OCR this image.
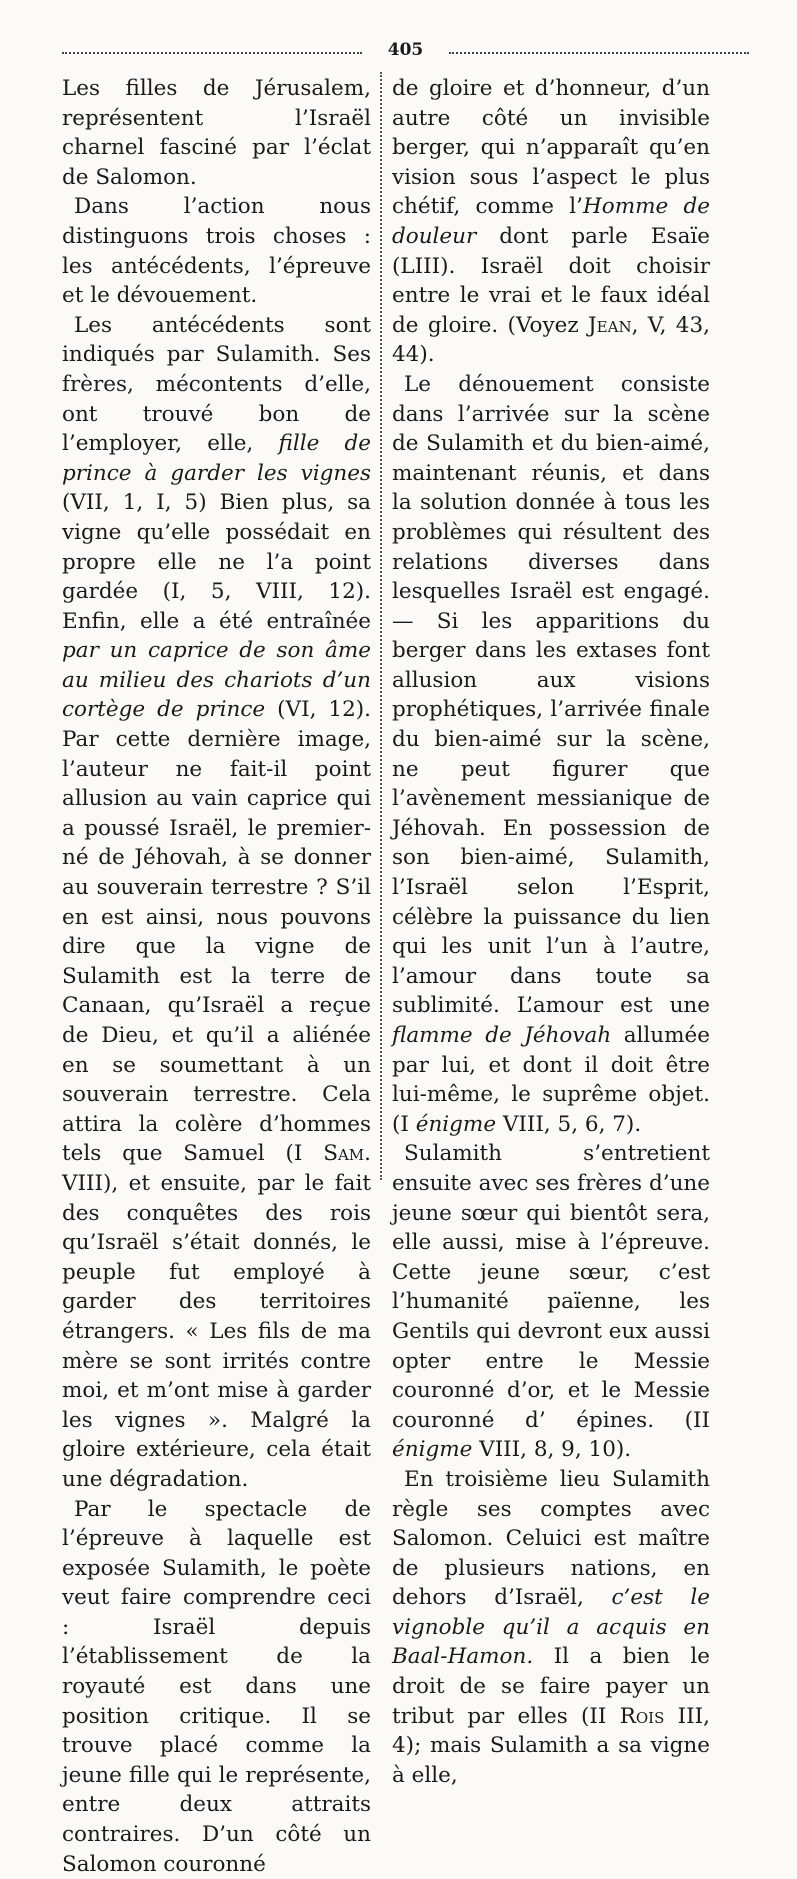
405

Les filles de Jérusalem, représentent l’Israël charnel fasciné par l’éclat de Salomon.

Dans l’action nous distinguons trois choses : les antécédents, l’épreuve et le dévouement.

Les antécédents sont indiqués par Sulamith. Ses frères, mécontents d’elle, ont trouvé bon de l’employer, elle, fille de prince à garder les vignes (VII, 1, I, 5) Bien plus, sa vigne qu’elle possédait en propre elle ne l’a point gardée (I, 5, VIII, 12). Enfin, elle a été entraînée par un caprice de son âme au milieu des chariots d’un cortège de prince (VI, 12). Par cette dernière image, l’auteur ne fait-il point allusion au vain caprice qui a poussé Israël, le premier-né de Jéhovah, à se donner au souverain terrestre ? S’il en est ainsi, nous pouvons dire que la vigne de Sulamith est la terre de Canaan, qu’Israël a reçue de Dieu, et qu’il a aliénée en se soumettant à un souverain terrestre. Cela attira la colère d’hommes tels que Samuel (I Sam. VIII), et ensuite, par le fait des conquêtes des rois qu’Israël s’était donnés, le peuple fut employé à garder des territoires étrangers. « Les fils de ma mère se sont irrités contre moi, et m’ont mise à garder les vignes ». Malgré la gloire extérieure, cela était une dégradation.

Par le spectacle de l’épreuve à laquelle est exposée Sulamith, le poète veut faire comprendre ceci : Israël depuis l’établissement de la royauté est dans une position critique. Il se trouve placé comme la jeune fille qui le représente, entre deux attraits contraires. D’un côté un Salomon couronné

de gloire et d’honneur, d’un autre côté un invisible berger, qui n’apparaît qu’en vision sous l’aspect le plus chétif, comme l’Homme de douleur dont parle Esaïe (LIII). Israël doit choisir entre le vrai et le faux idéal de gloire. (Voyez Jean, V, 43, 44).

Le dénouement consiste dans l’arrivée sur la scène de Sulamith et du bien-aimé, maintenant réunis, et dans la solution donnée à tous les problèmes qui résultent des relations diverses dans lesquelles Israël est engagé. — Si les apparitions du berger dans les extases font allusion aux visions prophétiques, l’arrivée finale du bien-aimé sur la scène, ne peut figurer que l’avènement messianique de Jéhovah. En possession de son bien-aimé, Sulamith, l’Israël selon l’Esprit, célèbre la puissance du lien qui les unit l’un à l’autre, l’amour dans toute sa sublimité. L’amour est une flamme de Jéhovah allumée par lui, et dont il doit être lui-même, le suprême objet. (I énigme VIII, 5, 6, 7).

Sulamith s’entretient ensuite avec ses frères d’une jeune sœur qui bientôt sera, elle aussi, mise à l’épreuve. Cette jeune sœur, c’est l’humanité païenne, les Gentils qui devront eux aussi opter entre le Messie couronné d’or, et le Messie couronné d’ épines. (II énigme VIII, 8, 9, 10).

En troisième lieu Sulamith règle ses comptes avec Salomon. Celuici est maître de plusieurs nations, en dehors d’Israël, c’est le vignoble qu’il a acquis en Baal-Hamon. Il a bien le droit de se faire payer un tribut par elles (II Rois III, 4); mais Sulamith a sa vigne à elle,
